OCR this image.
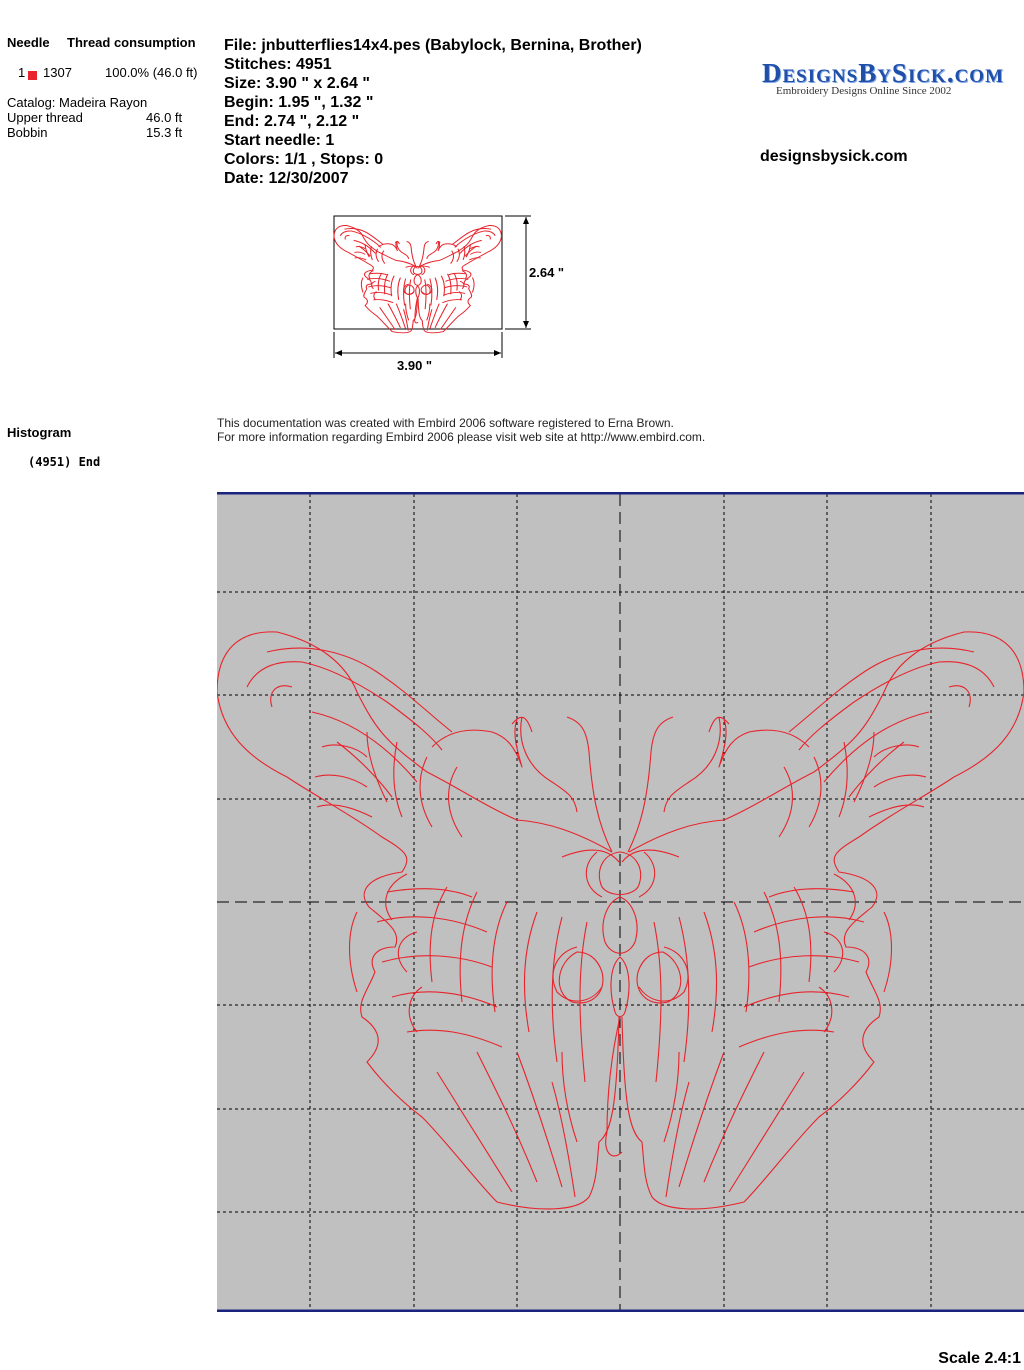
Needle Thread consumption
1 1307	100.0% (46.0 ft)
Catalog: Madeira Rayon
Upper thread	46.0 ft
Bobbin	15.3 ft
File: jnbutterflies14x4.pes (Babylock, Bernina, Brother)
Stitches: 4951
Size: 3.90 " x 2.64 "
Begin: 1.95 ", 1.32 "
End: 2.74 ", 2.12 "
Start needle: 1
Colors: 1/1 , Stops: 0
Date: 12/30/2007
DesignsBySick.com
Embroidery Designs Online Since 2002
designsbysick.com
2.64 "
3.90 "
This documentation was created with Embird 2006 software registered to Erna Brown.
For more information regarding Embird 2006 please visit web site at http://www.embird.com.
Histogram
(4951) End
Scale 2.4:1
